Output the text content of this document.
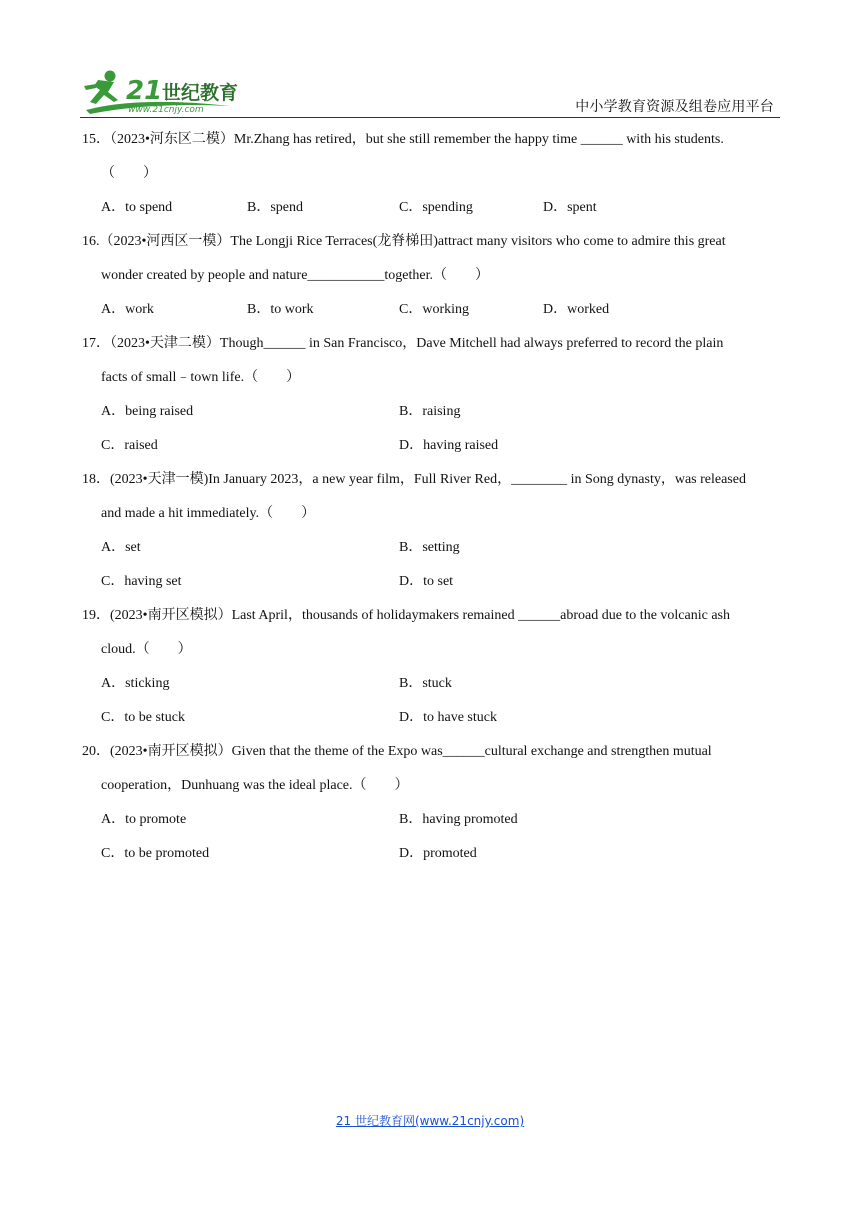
21 世纪教育
www.21cnjy.com	中小学教育资源及组卷应用平台
15．（2023•河东区二模）Mr.Zhang has retired，but she still remember the happy time ______ with his students.
（　　）
A．to spend	B．spend	C．spending	D．spent
16.（2023•河西区一模）The Longji Rice Terraces(龙脊梯田)attract many visitors who come to admire this great
wonder created by people and nature___________together.（　　）
A．work	B．to work	C．working	D．worked
17．（2023•天津二模）Though______ in San Francisco，Dave Mitchell had always preferred to record the plain
facts of small﹣town life.（　　）
A．being raised	B．raising
C．raised	D．having raised
18．(2023•天津一模)In January 2023，a new year film，Full River Red，________ in Song dynasty，was released
and made a hit immediately.（　　）
A．set	B．setting
C．having set	D．to set
19．(2023•南开区模拟）Last April，thousands of holidaymakers remained ______abroad due to the volcanic ash
cloud.（　　）
A．sticking	B．stuck
C．to be stuck	D．to have stuck
20．(2023•南开区模拟）Given that the theme of the Expo was______cultural exchange and strengthen mutual
cooperation，Dunhuang was the ideal place.（　　）
A．to promote	B．having promoted
C．to be promoted	D．promoted
21 世纪教育网(www.21cnjy.com)
